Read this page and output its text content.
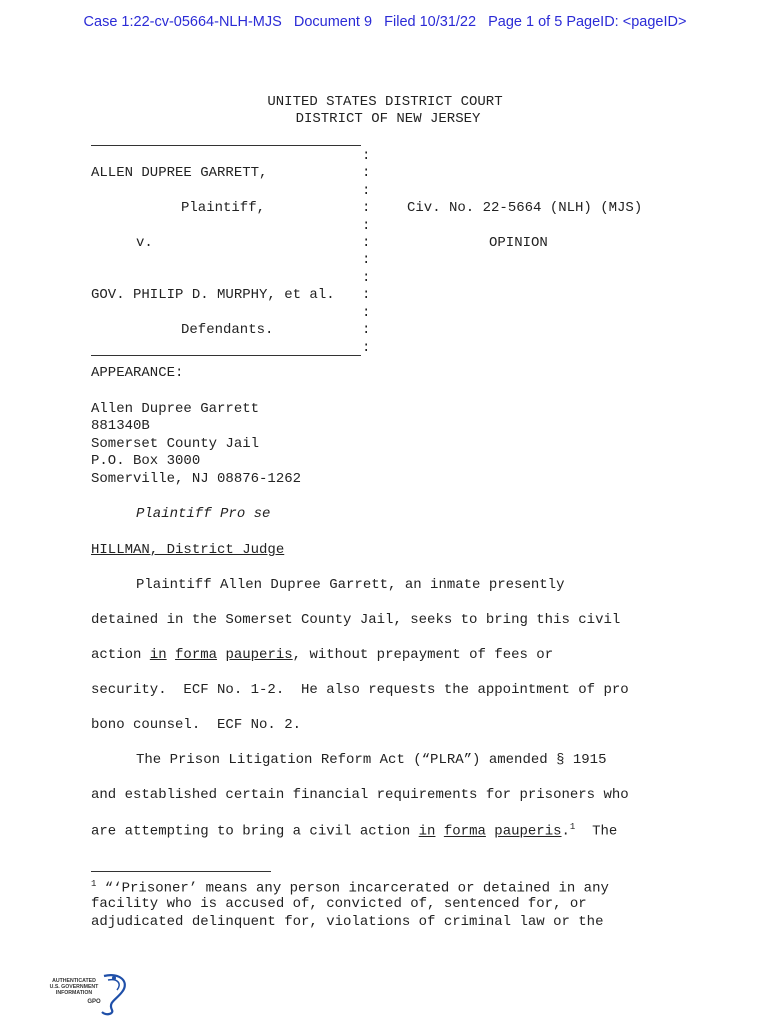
Case 1:22-cv-05664-NLH-MJS   Document 9   Filed 10/31/22   Page 1 of 5 PageID: <pageID>
UNITED STATES DISTRICT COURT
DISTRICT OF NEW JERSEY
:
:
:
:
:
:
:
:
:
:
:
:
ALLEN DUPREE GARRETT,
Plaintiff,	Civ. No. 22-5664 (NLH) (MJS)
v.	OPINION
GOV. PHILIP D. MURPHY, et al.
Defendants.
APPEARANCE:
Allen Dupree Garrett
881340B
Somerset County Jail
P.O. Box 3000
Somerville, NJ 08876-1262
Plaintiff Pro se
HILLMAN, District Judge
Plaintiff Allen Dupree Garrett, an inmate presently
detained in the Somerset County Jail, seeks to bring this civil
action in forma pauperis, without prepayment of fees or
security.  ECF No. 1-2.  He also requests the appointment of pro
bono counsel.  ECF No. 2.
The Prison Litigation Reform Act (“PLRA”) amended § 1915
and established certain financial requirements for prisoners who
are attempting to bring a civil action in forma pauperis.$^1$  The
$^1$ “‘Prisoner’ means any person incarcerated or detained in any
facility who is accused of, convicted of, sentenced for, or
adjudicated delinquent for, violations of criminal law or the
AUTHENTICATED
U.S. GOVERNMENT
INFORMATION
GPO
